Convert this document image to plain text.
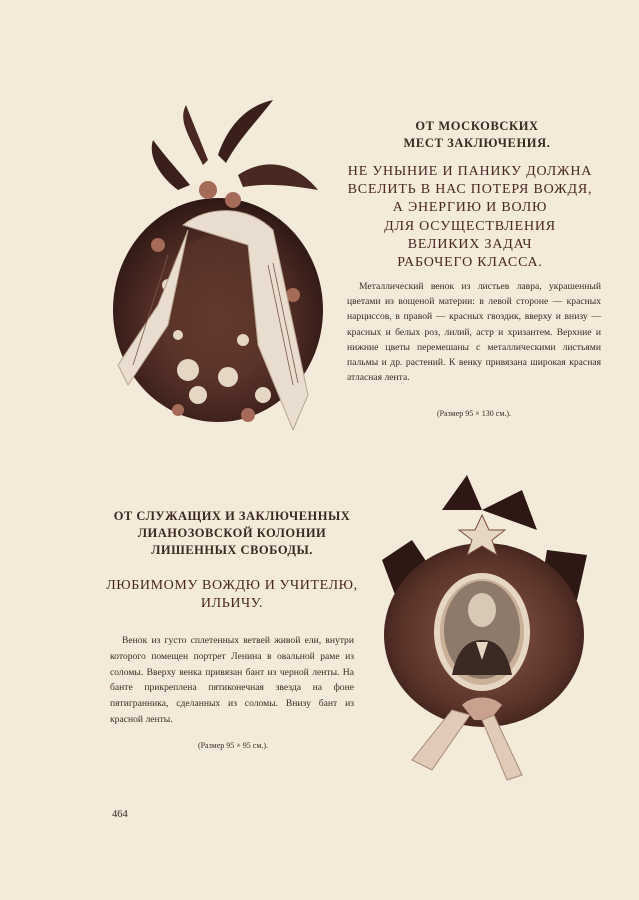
ОТ МОСКОВСКИХ
МЕСТ ЗАКЛЮЧЕНИЯ.
НЕ УНЫНИЕ И ПАНИКУ ДОЛЖНА
ВСЕЛИТЬ В НАС ПОТЕРЯ ВОЖДЯ,
А ЭНЕРГИЮ И ВОЛЮ
ДЛЯ ОСУЩЕСТВЛЕНИЯ
ВЕЛИКИХ ЗАДАЧ
РАБОЧЕГО КЛАССА.
Металлический венок из листьев лавра, украшенный цветами из вощеной материи: в левой стороне — красных нарциссов, в правой — красных гвоздик, вверху и внизу — красных и белых роз, лилий, астр и хризантем. Верхние и нижние цветы перемешаны с металлическими листьями пальмы и др. растений. К венку привязана широкая красная атласная лента.
(Размер 95 × 130 см.).
ОТ СЛУЖАЩИХ И ЗАКЛЮЧЕННЫХ
ЛИАНОЗОВСКОЙ КОЛОНИИ
ЛИШЕННЫХ СВОБОДЫ.
ЛЮБИМОМУ ВОЖДЮ И УЧИТЕЛЮ,
ИЛЬИЧУ.
Венок из густо сплетенных ветвей живой ели, внутри которого помещен портрет Ленина в овальной раме из соломы. Вверху венка привязан бант из черной ленты. На банте прикреплена пятиконечная звезда на фоне пятигранника, сделанных из соломы. Внизу бант из красной ленты.
(Размер 95 × 95 см.).
464
